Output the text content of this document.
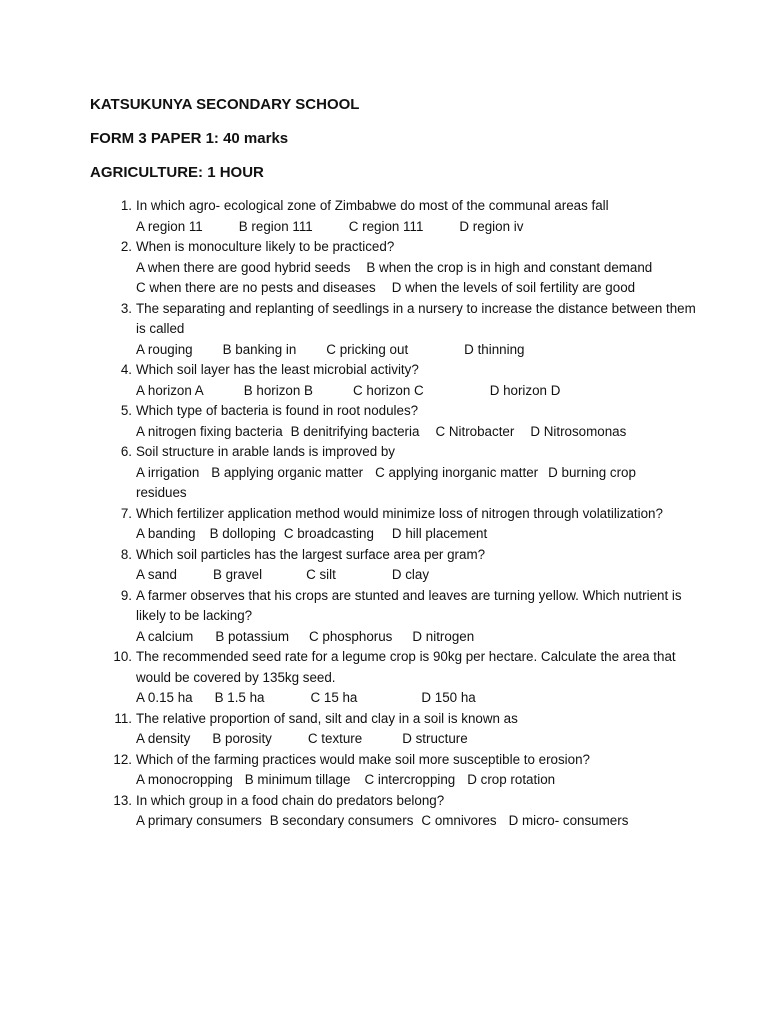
KATSUKUNYA SECONDARY SCHOOL
FORM 3 PAPER 1: 40 marks
AGRICULTURE: 1 HOUR
1. In which agro- ecological zone of Zimbabwe do most of the communal areas fall
A region 11	B region 111	C region 111	D region iv
2. When is monoculture likely to be practiced?
A when there are good hybrid seeds B when the crop is in high and constant demand
C when there are no pests and diseases D when the levels of soil fertility are good
3. The separating and replanting of seedlings in a nursery to increase the distance between them is called
A rouging B banking in C pricking out	D thinning
4. Which soil layer has the least microbial activity?
A horizon A	B horizon B	C horizon C	D horizon D
5. Which type of bacteria is found in root nodules?
A nitrogen fixing bacteria B denitrifying bacteria C Nitrobacter D Nitrosomonas
6. Soil structure in arable lands is improved by
A irrigation B applying organic matter C applying inorganic matter D burning crop
residues
7. Which fertilizer application method would minimize loss of nitrogen through volatilization?
A banding B dolloping C broadcasting D hill placement
8. Which soil particles has the largest surface area per gram?
A sand	B gravel	C silt	D clay
9. A farmer observes that his crops are stunted and leaves are turning yellow. Which nutrient is likely to be lacking?
A calcium B potassium C phosphorus D nitrogen
10. The recommended seed rate for a legume crop is 90kg per hectare. Calculate the area that would be covered by 135kg seed.
A 0.15 ha B 1.5 ha	C 15 ha	D 150 ha
11. The relative proportion of sand, silt and clay in a soil is known as
A density B porosity	C texture	D structure
12. Which of the farming practices would make soil more susceptible to erosion?
A monocropping B minimum tillage C intercropping D crop rotation
13. In which group in a food chain do predators belong?
A primary consumers B secondary consumers C omnivores D micro- consumers
